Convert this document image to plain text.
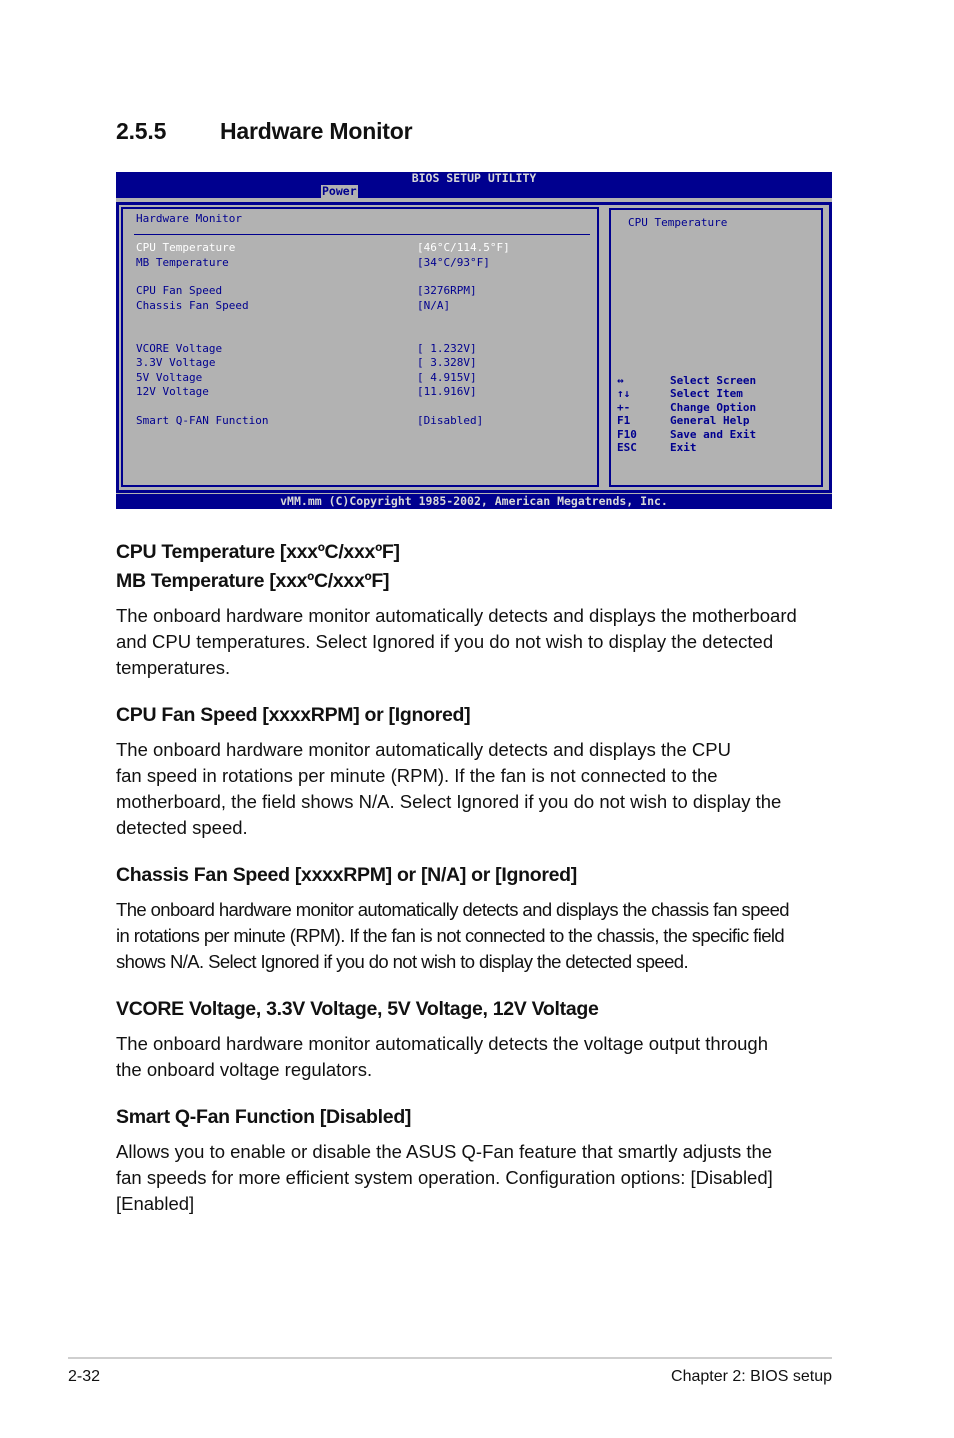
2.5.5 Hardware Monitor
BIOS SETUP UTILITY
Power
Hardware Monitor
CPU Temperature	[46°C/114.5°F]
MB Temperature	[34°C/93°F]
CPU Fan Speed	[3276RPM]
Chassis Fan Speed	[N/A]
VCORE Voltage	[ 1.232V]
3.3V Voltage	[ 3.328V]
5V Voltage	[ 4.915V]
12V Voltage	[11.916V]
Smart Q-FAN Function	[Disabled]
CPU Temperature
↔	Select Screen
↑↓	Select Item
+-	Change Option
F1	General Help
F10	Save and Exit
ESC	Exit
vMM.mm (C)Copyright 1985-2002, American Megatrends, Inc.
CPU Temperature [xxxºC/xxxºF]
MB Temperature [xxxºC/xxxºF]
The onboard hardware monitor automatically detects and displays the motherboard
and CPU temperatures. Select Ignored if you do not wish to display the detected
temperatures.
CPU Fan Speed [xxxxRPM] or [Ignored]
The onboard hardware monitor automatically detects and displays the CPU
fan speed in rotations per minute (RPM). If the fan is not connected to the
motherboard, the field shows N/A. Select Ignored if you do not wish to display the
detected speed.
Chassis Fan Speed [xxxxRPM] or [N/A] or [Ignored]
The onboard hardware monitor automatically detects and displays the chassis fan speed
in rotations per minute (RPM). If the fan is not connected to the chassis, the specific field
shows N/A. Select Ignored if you do not wish to display the detected speed.
VCORE Voltage, 3.3V Voltage, 5V Voltage, 12V Voltage
The onboard hardware monitor automatically detects the voltage output through
the onboard voltage regulators.
Smart Q-Fan Function [Disabled]
Allows you to enable or disable the ASUS Q-Fan feature that smartly adjusts the
fan speeds for more efficient system operation. Configuration options: [Disabled]
[Enabled]
2-32	Chapter 2: BIOS setup
